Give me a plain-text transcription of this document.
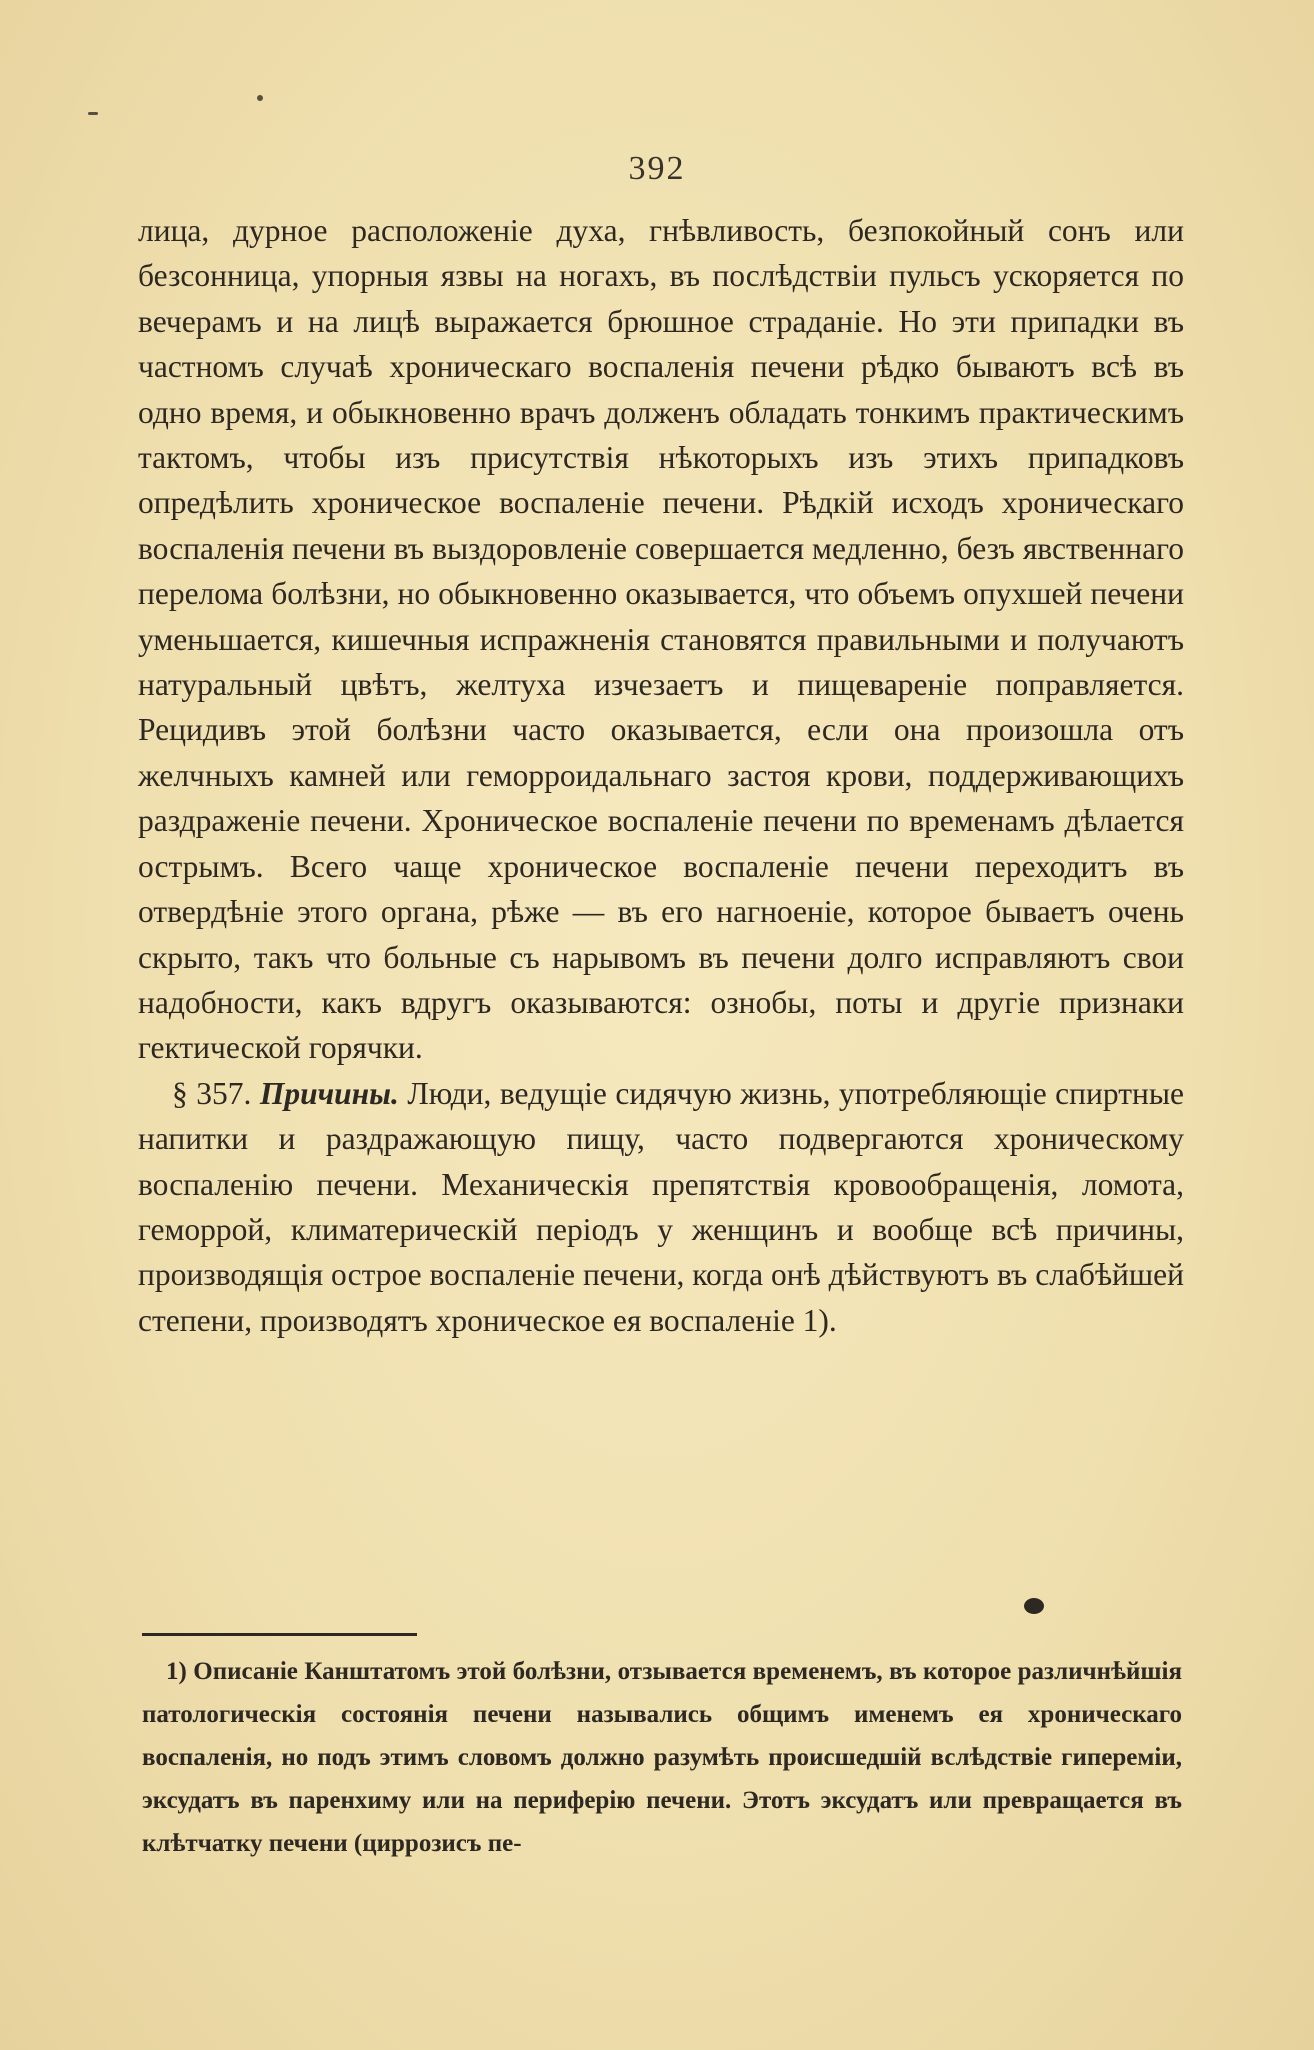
392

лица, дурное расположеніе духа, гнѣвливость, безпокойный сонъ или безсонница, упорныя язвы на ногахъ, въ послѣдствіи пульсъ ускоряется по вечерамъ и на лицѣ выражается брюшное страданіе. Но эти припадки въ частномъ случаѣ хроническаго воспаленія печени рѣдко бываютъ всѣ въ одно время, и обыкновенно врачъ долженъ обладать тонкимъ практическимъ тактомъ, чтобы изъ присутствія нѣкоторыхъ изъ этихъ припадковъ опредѣлить хроническое воспаленіе печени. Рѣдкій исходъ хроническаго воспаленія печени въ выздоровленіе совершается медленно, безъ явственнаго перелома болѣзни, но обыкновенно оказывается, что объемъ опухшей печени уменьшается, кишечныя испражненія становятся правильными и получаютъ натуральный цвѣтъ, желтуха изчезаетъ и пищевареніе поправляется. Рецидивъ этой болѣзни часто оказывается, если она произошла отъ желчныхъ камней или геморроидальнаго застоя крови, поддерживающихъ раздраженіе печени. Хроническое воспаленіе печени по временамъ дѣлается острымъ. Всего чаще хроническое воспаленіе печени переходитъ въ отвердѣніе этого органа, рѣже — въ его нагноеніе, которое бываетъ очень скрыто, такъ что больные съ нарывомъ въ печени долго исправляютъ свои надобности, какъ вдругъ оказываются: ознобы, поты и другіе признаки гектической горячки.

§ 357. Причины. Люди, ведущіе сидячую жизнь, употребляющіе спиртные напитки и раздражающую пищу, часто подвергаются хроническому воспаленію печени. Механическія препятствія кровообращенія, ломота, геморрой, климатерическій періодъ у женщинъ и вообще всѣ причины, производящія острое воспаленіе печени, когда онѣ дѣйствуютъ въ слабѣйшей степени, производятъ хроническое ея воспаленіе 1).

1) Описаніе Канштатомъ этой болѣзни, отзывается временемъ, въ которое различнѣйшія патологическія состоянія печени назывались общимъ именемъ ея хроническаго воспаленія, но подъ этимъ словомъ должно разумѣть происшедшій вслѣдствіе гипереміи, эксудатъ въ паренхиму или на периферію печени. Этотъ эксудатъ или превращается въ клѣтчатку печени (циррозисъ пе-
